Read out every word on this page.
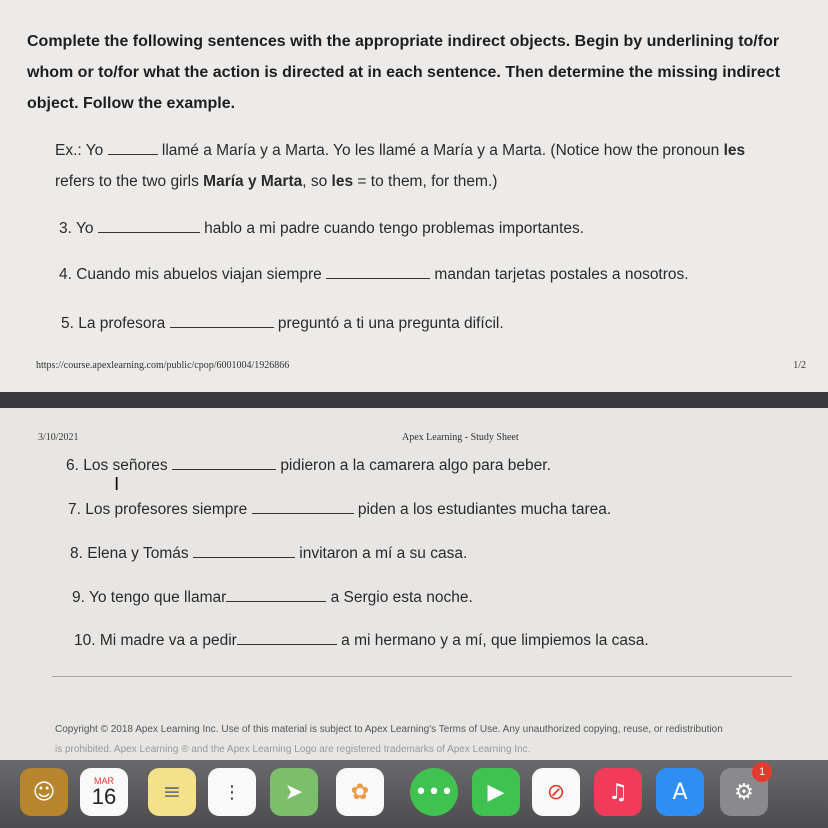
Complete the following sentences with the appropriate indirect objects. Begin by underlining to/for whom or to/for what the action is directed at in each sentence. Then determine the missing indirect object. Follow the example.
Ex.: Yo	llamé a María y a Marta. Yo les llamé a María y a Marta. (Notice how the pronoun les
refers to the two girls María y Marta, so les = to them, for them.)
3. Yo	hablo a mi padre cuando tengo problemas importantes.
4. Cuando mis abuelos viajan siempre	mandan tarjetas postales a nosotros.
5. La profesora	preguntó a ti una pregunta difícil.
https://course.apexlearning.com/public/cpop/6001004/1926866	1/2
3/10/2021	Apex Learning - Study Sheet
6. Los señores	pidieron a la camarera algo para beber.
I
7. Los profesores siempre	piden a los estudiantes mucha tarea.
8. Elena y Tomás	invitaron a mí a su casa.
9. Yo tengo que llamar	a Sergio esta noche.
10. Mi madre va a pedir	a mi hermano y a mí, que limpiemos la casa.
Copyright © 2018 Apex Learning Inc. Use of this material is subject to Apex Learning's Terms of Use. Any unauthorized copying, reuse, or redistribution
is prohibited. Apex Learning ® and the Apex Learning Logo are registered trademarks of Apex Learning Inc.
☺	MAR
16	≡	⋮	➤	✿	•••	▶	⊘	♫	A	⚙
1
